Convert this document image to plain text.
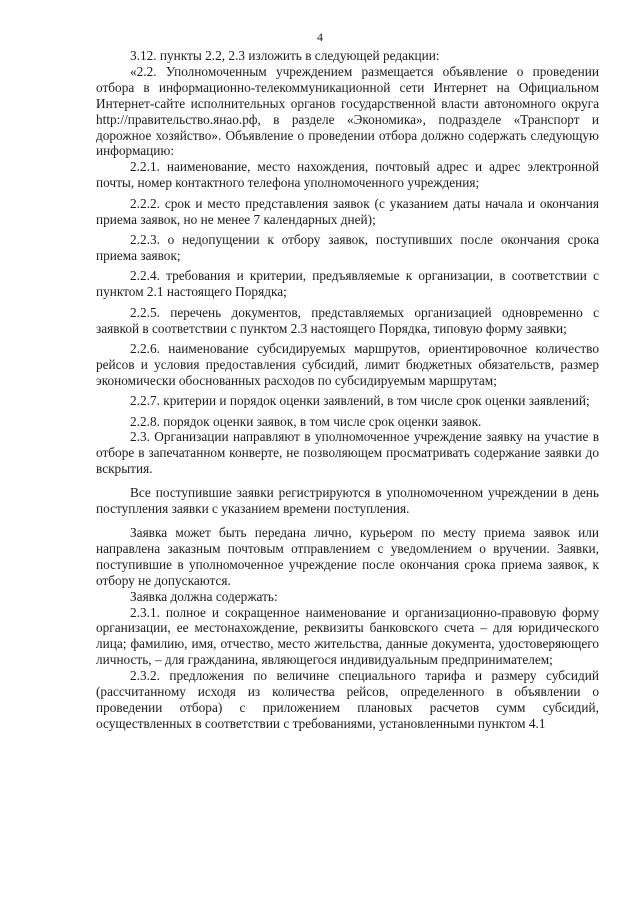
4

3.12. пункты 2.2, 2.3 изложить в следующей редакции:

«2.2. Уполномоченным учреждением размещается объявление о проведении отбора в информационно-телекоммуникационной сети Интернет на Официальном Интернет-сайте исполнительных органов государственной власти автономного округа http://правительство.янао.рф, в разделе «Экономика», подразделе «Транспорт и дорожное хозяйство». Объявление о проведении отбора должно содержать следующую информацию:

2.2.1. наименование, место нахождения, почтовый адрес и адрес электронной почты, номер контактного телефона уполномоченного учреждения;

2.2.2. срок и место представления заявок (с указанием даты начала и окончания приема заявок, но не менее 7 календарных дней);

2.2.3. о недопущении к отбору заявок, поступивших после окончания срока приема заявок;

2.2.4. требования и критерии, предъявляемые к организации, в соответствии с пунктом 2.1 настоящего Порядка;

2.2.5. перечень документов, представляемых организацией одновременно с заявкой в соответствии с пунктом 2.3 настоящего Порядка, типовую форму заявки;

2.2.6. наименование субсидируемых маршрутов, ориентировочное количество рейсов и условия предоставления субсидий, лимит бюджетных обязательств, размер экономически обоснованных расходов по субсидируемым маршрутам;

2.2.7. критерии и порядок оценки заявлений, в том числе срок оценки заявлений;

2.2.8. порядок оценки заявок, в том числе срок оценки заявок.

2.3. Организации направляют в уполномоченное учреждение заявку на участие в отборе в запечатанном конверте, не позволяющем просматривать содержание заявки до вскрытия.

Все поступившие заявки регистрируются в уполномоченном учреждении в день поступления заявки с указанием времени поступления.

Заявка может быть передана лично, курьером по месту приема заявок или направлена заказным почтовым отправлением с уведомлением о вручении. Заявки, поступившие в уполномоченное учреждение после окончания срока приема заявок, к отбору не допускаются.

Заявка должна содержать:

2.3.1. полное и сокращенное наименование и организационно-правовую форму организации, ее местонахождение, реквизиты банковского счета – для юридического лица; фамилию, имя, отчество, место жительства, данные документа, удостоверяющего личность, – для гражданина, являющегося индивидуальным предпринимателем;

2.3.2. предложения по величине специального тарифа и размеру субсидий (рассчитанному исходя из количества рейсов, определенного в объявлении о проведении отбора) с приложением плановых расчетов сумм субсидий, осуществленных в соответствии с требованиями, установленными пунктом 4.1
